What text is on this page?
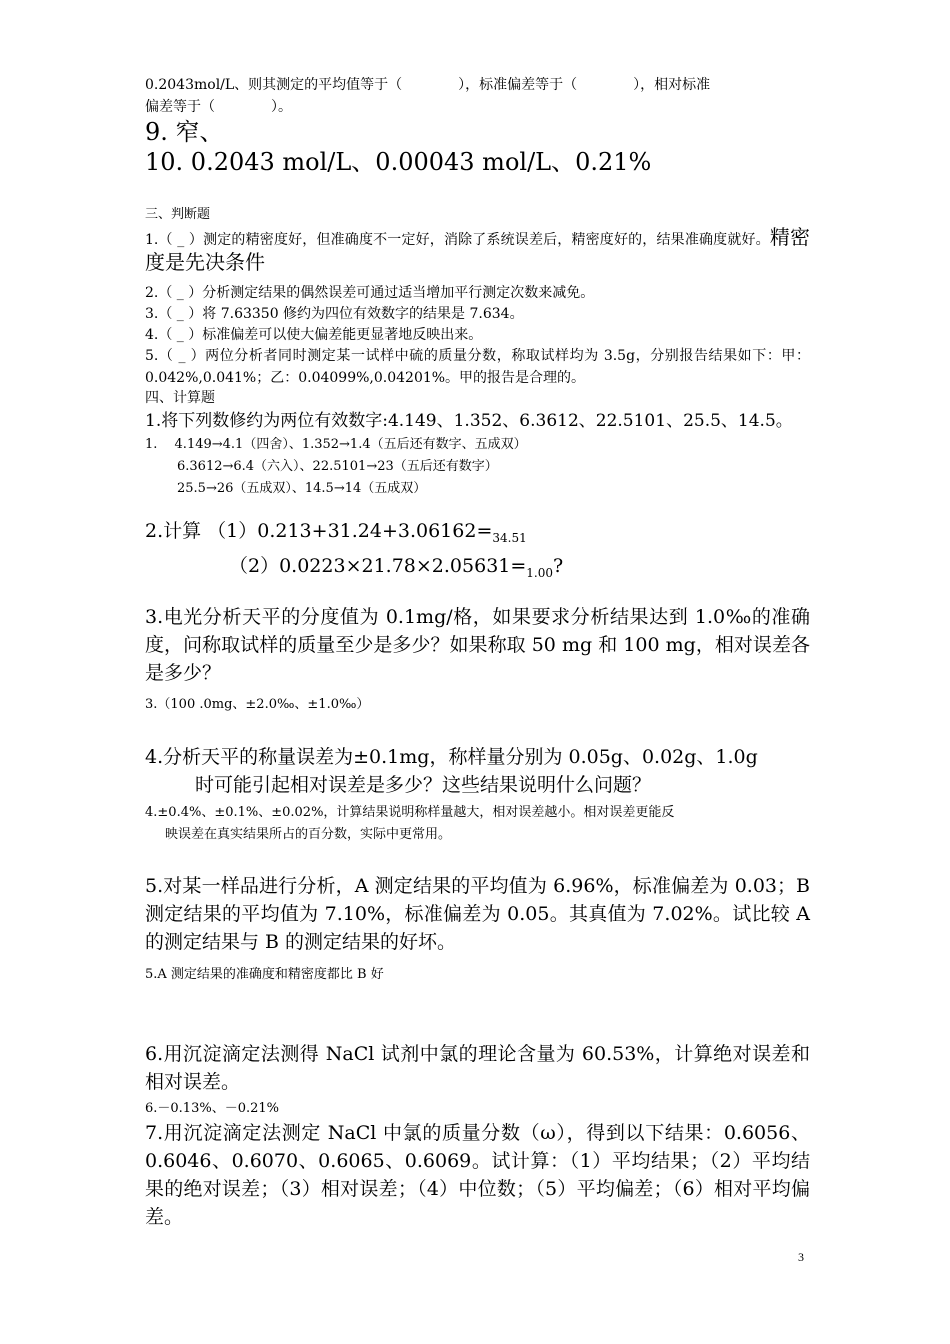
0.2043mol/L、则其测定的平均值等于（　　　　），标准偏差等于（　　　　），相对标准
偏差等于（　　　　）。

9. 窄、

10. 0.2043 mol/L、0.00043 mol/L、0.21%

三、判断题

1.（ _ ）测定的精密度好，但准确度不一定好，消除了系统误差后，精密度好的，结果准确度就好。精密度是先决条件

2.（ _ ）分析测定结果的偶然误差可通过适当增加平行测定次数来减免。

3.（ _ ）将 7.63350 修约为四位有效数字的结果是 7.634。

4.（ _ ）标准偏差可以使大偏差能更显著地反映出来。

5.（ _ ）两位分析者同时测定某一试样中硫的质量分数，称取试样均为 3.5g，分别报告结果如下：甲：0.042%,0.041%；乙：0.04099%,0.04201%。甲的报告是合理的。

四、计算题

1.将下列数修约为两位有效数字:4.149、1.352、6.3612、22.5101、25.5、14.5。

1.　 4.149→4.1（四舍）、1.352→1.4（五后还有数字、五成双）
6.3612→6.4（六入）、22.5101→23（五后还有数字）
25.5→26（五成双）、14.5→14（五成双）

2.计算 $(1)0.213+31.24+3.06162=_{34.51}$
$(2)0.0223\times 21.78\times 2.05631=_{1.00}$?

3.电光分析天平的分度值为 0.1mg/格，如果要求分析结果达到 1.0‰的准确度，问称取试样的质量至少是多少？如果称取 50 mg 和 100 mg，相对误差各是多少？

3.（100 .0mg、±2.0‰、±1.0‰）

4.分析天平的称量误差为±0.1mg，称样量分别为 0.05g、0.02g、1.0g
时可能引起相对误差是多少？这些结果说明什么问题？

4.±0.4%、±0.1%、±0.02%，计算结果说明称样量越大，相对误差越小。相对误差更能反
映误差在真实结果所占的百分数，实际中更常用。

5.对某一样品进行分析，A 测定结果的平均值为 6.96%，标准偏差为 0.03；B 测定结果的平均值为 7.10%，标准偏差为 0.05。其真值为 7.02%。试比较 A 的测定结果与 B 的测定结果的好坏。

5.A 测定结果的准确度和精密度都比 B 好

6.用沉淀滴定法测得 NaCl 试剂中氯的理论含量为 60.53%，计算绝对误差和相对误差。

6.－0.13%、－0.21%

7.用沉淀滴定法测定 NaCl 中氯的质量分数（ω），得到以下结果：0.6056、0.6046、0.6070、0.6065、0.6069。试计算：（1）平均结果；（2）平均结果的绝对误差；（3）相对误差；（4）中位数；（5）平均偏差；（6）相对平均偏差。

3
